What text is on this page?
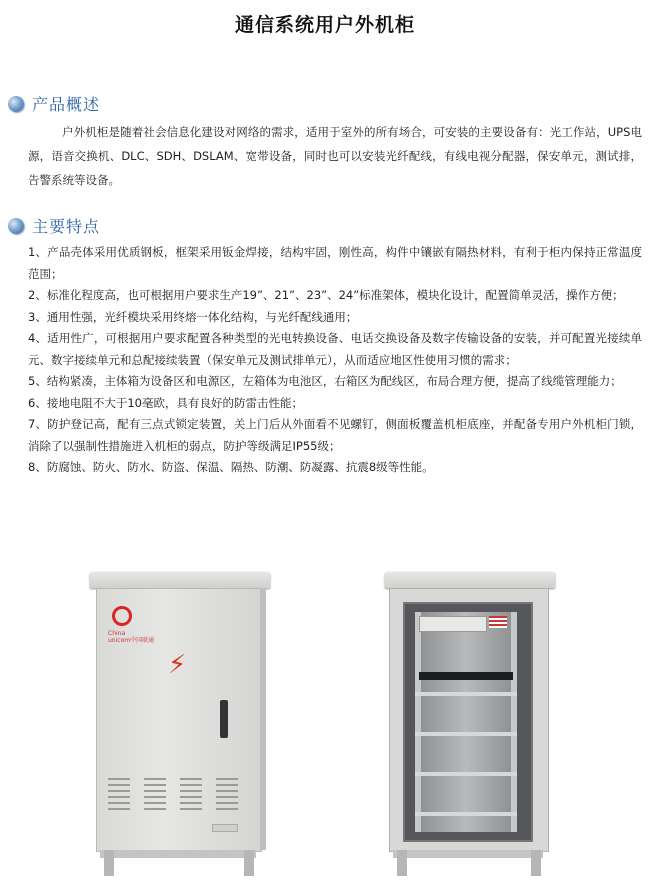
通信系统用户外机柜
产品概述
户外机柜是随着社会信息化建设对网络的需求，适用于室外的所有场合，可安装的主要设备有：光工作站，UPS电源，语音交换机、DLC、SDH、DSLAM、宽带设备，同时也可以安装光纤配线，有线电视分配器，保安单元，测试排，告警系统等设备。
主要特点

1、产品壳体采用优质钢板，框架采用钣金焊接，结构牢固，刚性高，构件中镶嵌有隔热材料，有利于柜内保持正常温度范围；

2、标准化程度高，也可根据用户要求生产19”、21”、23”、24”标准架体，模块化设计，配置简单灵活，操作方便；

3、通用性强，光纤模块采用终熔一体化结构，与光纤配线通用；

4、适用性广，可根据用户要求配置各种类型的光电转换设备、电话交换设备及数字传输设备的安装，并可配置光接续单元、数字接续单元和总配接续装置（保安单元及测试排单元），从而适应地区性使用习惯的需求；

5、结构紧凑，主体箱为设备区和电源区，左箱体为电池区，右箱区为配线区，布局合理方便，提高了线缆管理能力；

6、接地电阻不大于10毫欧，具有良好的防雷击性能；

7、防护登记高，配有三点式锁定装置，关上门后从外面看不见螺钉，侧面板覆盖机柜底座，并配备专用户外机柜门锁，消除了以强制性措施进入机柜的弱点，防护等级满足IP55级；

8、防腐蚀、防火、防水、防盗、保温、隔热、防潮、防凝露、抗震8级等性能。

China
unicom中国联通
⚡
